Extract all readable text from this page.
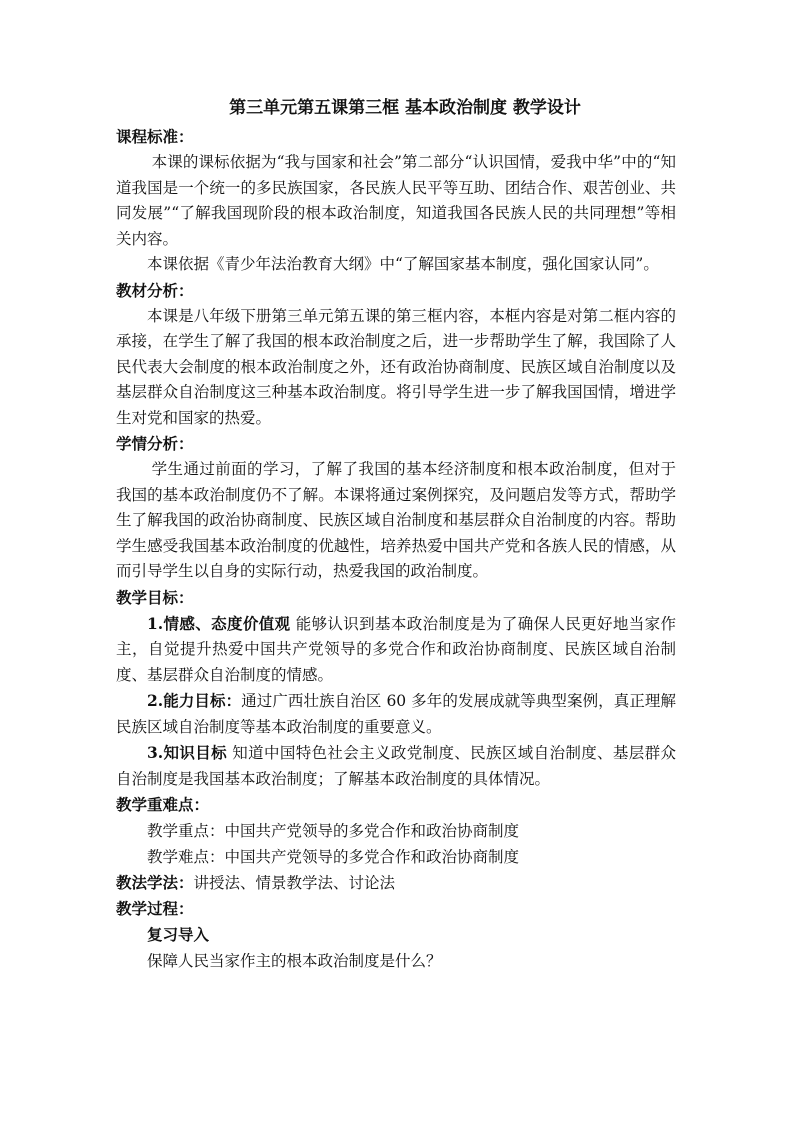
第三单元第五课第三框 基本政治制度 教学设计

课程标准：

本课的课标依据为“我与国家和社会”第二部分“认识国情，爱我中华”中的“知道我国是一个统一的多民族国家，各民族人民平等互助、团结合作、艰苦创业、共同发展”“了解我国现阶段的根本政治制度，知道我国各民族人民的共同理想”等相关内容。

本课依据《青少年法治教育大纲》中“了解国家基本制度，强化国家认同”。

教材分析：

本课是八年级下册第三单元第五课的第三框内容，本框内容是对第二框内容的承接，在学生了解了我国的根本政治制度之后，进一步帮助学生了解，我国除了人民代表大会制度的根本政治制度之外，还有政治协商制度、民族区域自治制度以及基层群众自治制度这三种基本政治制度。将引导学生进一步了解我国国情，增进学生对党和国家的热爱。

学情分析：

学生通过前面的学习，了解了我国的基本经济制度和根本政治制度，但对于我国的基本政治制度仍不了解。本课将通过案例探究，及问题启发等方式，帮助学生了解我国的政治协商制度、民族区域自治制度和基层群众自治制度的内容。帮助学生感受我国基本政治制度的优越性，培养热爱中国共产党和各族人民的情感，从而引导学生以自身的实际行动，热爱我国的政治制度。

教学目标：

1.情感、态度价值观 能够认识到基本政治制度是为了确保人民更好地当家作主，自觉提升热爱中国共产党领导的多党合作和政治协商制度、民族区域自治制度、基层群众自治制度的情感。

2.能力目标：通过广西壮族自治区 60 多年的发展成就等典型案例，真正理解民族区域自治制度等基本政治制度的重要意义。

3.知识目标 知道中国特色社会主义政党制度、民族区域自治制度、基层群众自治制度是我国基本政治制度；了解基本政治制度的具体情况。

教学重难点：

教学重点：中国共产党领导的多党合作和政治协商制度

教学难点：中国共产党领导的多党合作和政治协商制度

教法学法：讲授法、情景教学法、讨论法

教学过程：

复习导入

保障人民当家作主的根本政治制度是什么？
